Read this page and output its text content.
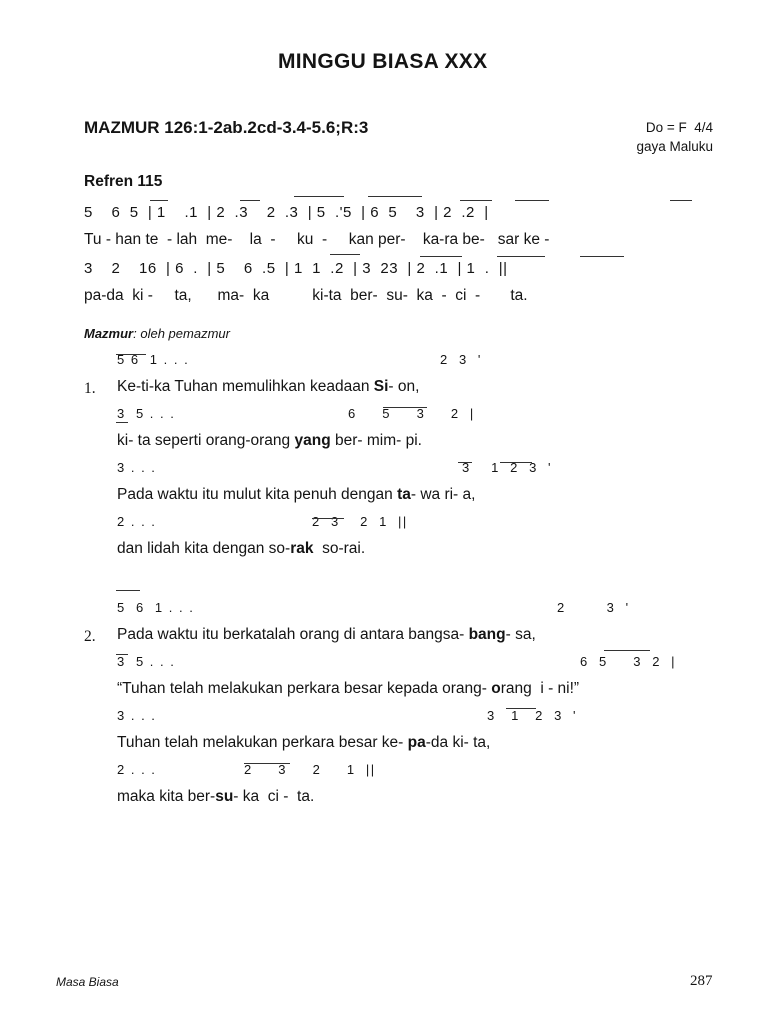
MINGGU BIASA XXX
MAZMUR 126:1-2ab.2cd-3.4-5.6;R:3	Do = F  4/4
gaya Maluku
Refren 115
5    6  5  | 1    .1  | 2  .3    2  .3  | 5  .'5  | 6  5    3  | 2  .2  |
Tu - han te  - lah  me-    la  -     ku  -     kan per-    ka-ra be-   sar ke -
3    2    16  | 6  .  | 5    6  .5  | 1  1  .2  | 3  23  | 2  .1  | 1  .  ||
pa-da  ki -     ta,      ma-  ka          ki-ta  ber-  su-  ka  -  ci  -       ta.
Mazmur: oleh pemazmur
1.
5 6  1 . . .	2  3  '
Ke-ti-ka Tuhan memulihkan keadaan Si- on,
3  5 . . .	6     5     3     2  |
ki- ta seperti orang-orang yang ber- mim- pi.
3 . . .	3    1  2  3  '
Pada waktu itu mulut kita penuh dengan ta- wa ri- a,
2 . . .	2  3    2  1  ||
dan lidah kita dengan so-rak  so-rai.
2.
5  6  1 . . .	2        3  '
Pada waktu itu berkatalah orang di antara bangsa- bang- sa,
3  5 . . .	6  5     3  2  |
“Tuhan telah melakukan perkara besar kepada orang- orang  i - ni!”
3 . . .	3   1   2  3  '
Tuhan telah melakukan perkara besar ke- pa-da ki- ta,
2 . . .	2     3     2     1  ||
maka kita ber-su- ka  ci -  ta.
Masa Biasa	287
